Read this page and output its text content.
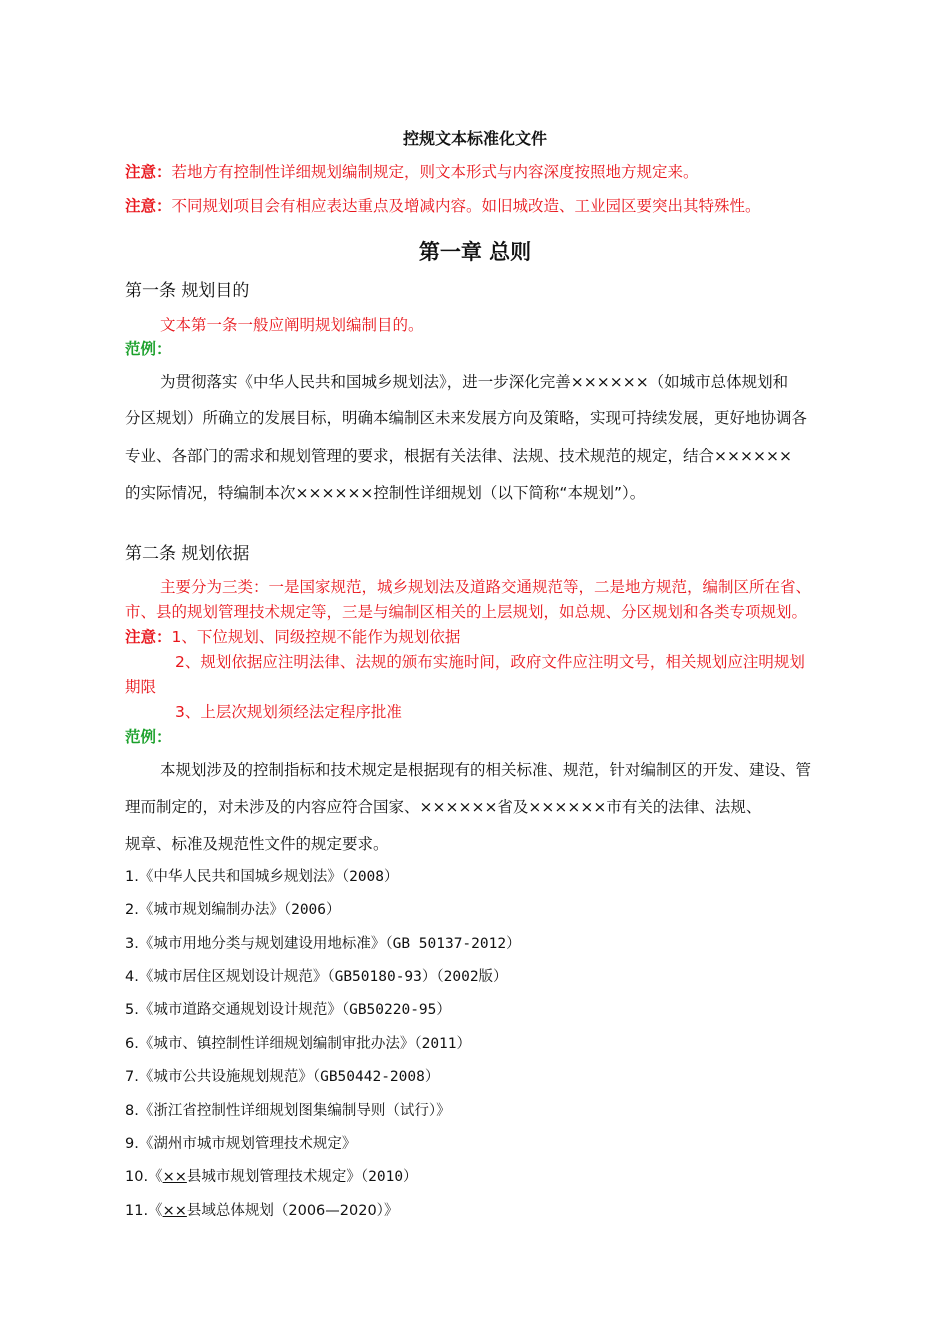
控规文本标准化文件
注意：若地方有控制性详细规划编制规定，则文本形式与内容深度按照地方规定来。
注意：不同规划项目会有相应表达重点及增减内容。如旧城改造、工业园区要突出其特殊性。
第一章 总则
第一条 规划目的
文本第一条一般应阐明规划编制目的。
范例：
为贯彻落实《中华人民共和国城乡规划法》，进一步深化完善××××××（如城市总体规划和
分区规划）所确立的发展目标，明确本编制区未来发展方向及策略，实现可持续发展，更好地协调各
专业、各部门的需求和规划管理的要求，根据有关法律、法规、技术规范的规定，结合××××××
的实际情况，特编制本次××××××控制性详细规划（以下简称“本规划”）。
第二条 规划依据
主要分为三类：一是国家规范，城乡规划法及道路交通规范等，二是地方规范，编制区所在省、
市、县的规划管理技术规定等，三是与编制区相关的上层规划，如总规、分区规划和各类专项规划。
注意：1、下位规划、同级控规不能作为规划依据
2、规划依据应注明法律、法规的颁布实施时间，政府文件应注明文号，相关规划应注明规划
期限
3、上层次规划须经法定程序批准
范例：
本规划涉及的控制指标和技术规定是根据现有的相关标准、规范，针对编制区的开发、建设、管
理而制定的，对未涉及的内容应符合国家、××××××省及××××××市有关的法律、法规、
规章、标准及规范性文件的规定要求。
1.《中华人民共和国城乡规划法》（2008）
2.《城市规划编制办法》（2006）
3.《城市用地分类与规划建设用地标准》（GB 50137-2012）
4.《城市居住区规划设计规范》（GB50180-93）（2002版）
5.《城市道路交通规划设计规范》（GB50220-95）
6.《城市、镇控制性详细规划编制审批办法》（2011）
7.《城市公共设施规划规范》（GB50442-2008）
8.《浙江省控制性详细规划图集编制导则（试行）》
9.《湖州市城市规划管理技术规定》
10.《××县城市规划管理技术规定》（2010）
11.《××县域总体规划（2006—2020）》
